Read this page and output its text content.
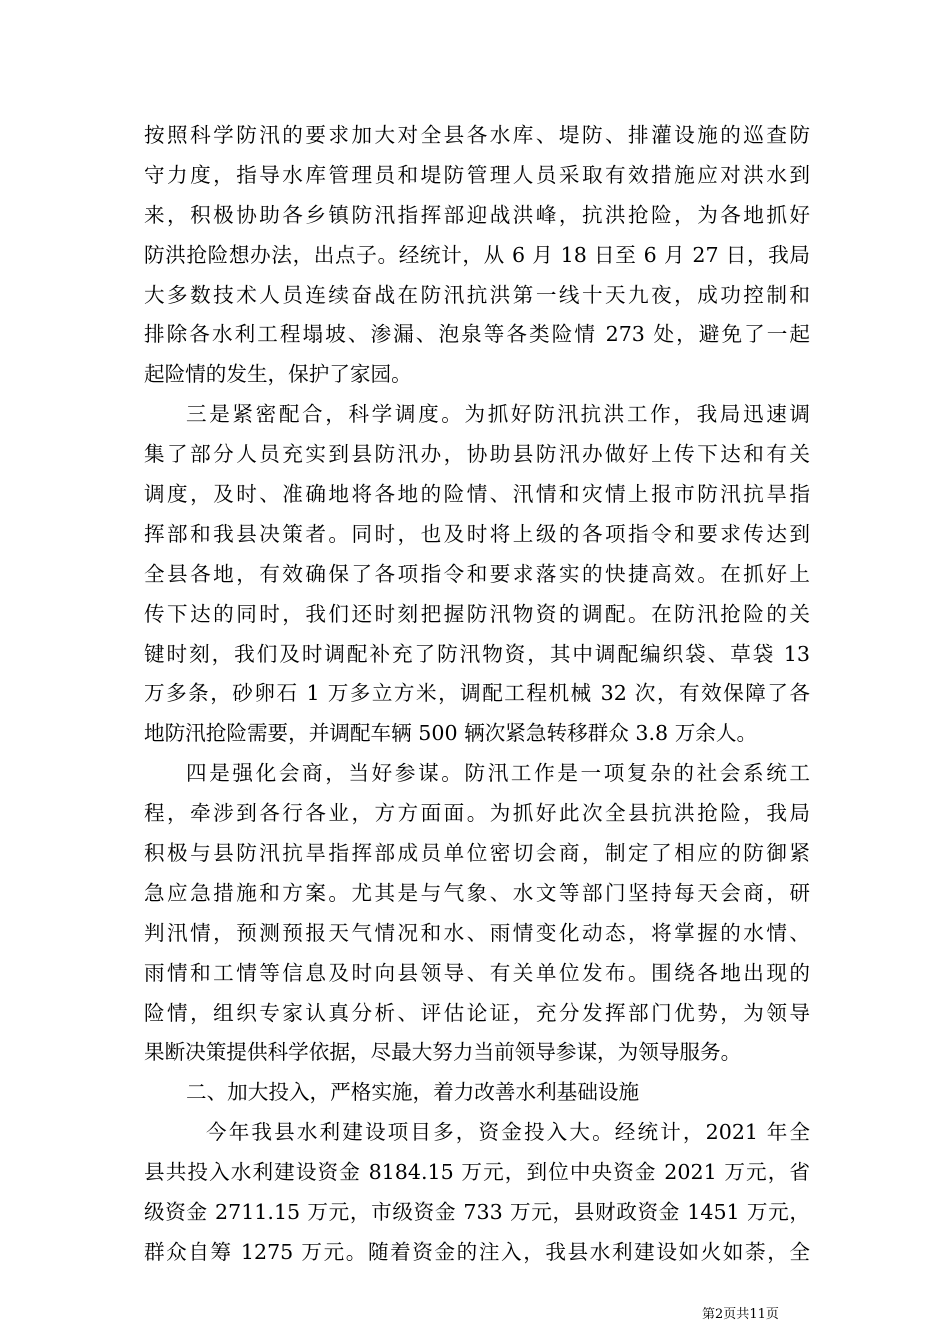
按照科学防汛的要求加大对全县各水库、堤防、排灌设施的巡查防
守力度，指导水库管理员和堤防管理人员采取有效措施应对洪水到
来，积极协助各乡镇防汛指挥部迎战洪峰，抗洪抢险，为各地抓好
防洪抢险想办法，出点子。经统计，从 6 月 18 日至 6 月 27 日，我局
大多数技术人员连续奋战在防汛抗洪第一线十天九夜，成功控制和
排除各水利工程塌坡、渗漏、泡泉等各类险情 273 处，避免了一起
起险情的发生，保护了家园。
三是紧密配合，科学调度。为抓好防汛抗洪工作，我局迅速调
集了部分人员充实到县防汛办，协助县防汛办做好上传下达和有关
调度，及时、准确地将各地的险情、汛情和灾情上报市防汛抗旱指
挥部和我县决策者。同时，也及时将上级的各项指令和要求传达到
全县各地，有效确保了各项指令和要求落实的快捷高效。在抓好上
传下达的同时，我们还时刻把握防汛物资的调配。在防汛抢险的关
键时刻，我们及时调配补充了防汛物资，其中调配编织袋、草袋 13
万多条，砂卵石 1 万多立方米，调配工程机械 32 次，有效保障了各
地防汛抢险需要，并调配车辆 500 辆次紧急转移群众 3.8 万余人。
四是强化会商，当好参谋。防汛工作是一项复杂的社会系统工
程，牵涉到各行各业，方方面面。为抓好此次全县抗洪抢险，我局
积极与县防汛抗旱指挥部成员单位密切会商，制定了相应的防御紧
急应急措施和方案。尤其是与气象、水文等部门坚持每天会商，研
判汛情，预测预报天气情况和水、雨情变化动态，将掌握的水情、
雨情和工情等信息及时向县领导、有关单位发布。围绕各地出现的
险情，组织专家认真分析、评估论证，充分发挥部门优势，为领导
果断决策提供科学依据，尽最大努力当前领导参谋，为领导服务。
二、加大投入，严格实施，着力改善水利基础设施
今年我县水利建设项目多，资金投入大。经统计，2021 年全
县共投入水利建设资金 8184.15 万元，到位中央资金 2021 万元，省
级资金 2711.15 万元，市级资金 733 万元，县财政资金 1451 万元，
群众自筹 1275 万元。随着资金的注入，我县水利建设如火如荼，全
第2页共11页
